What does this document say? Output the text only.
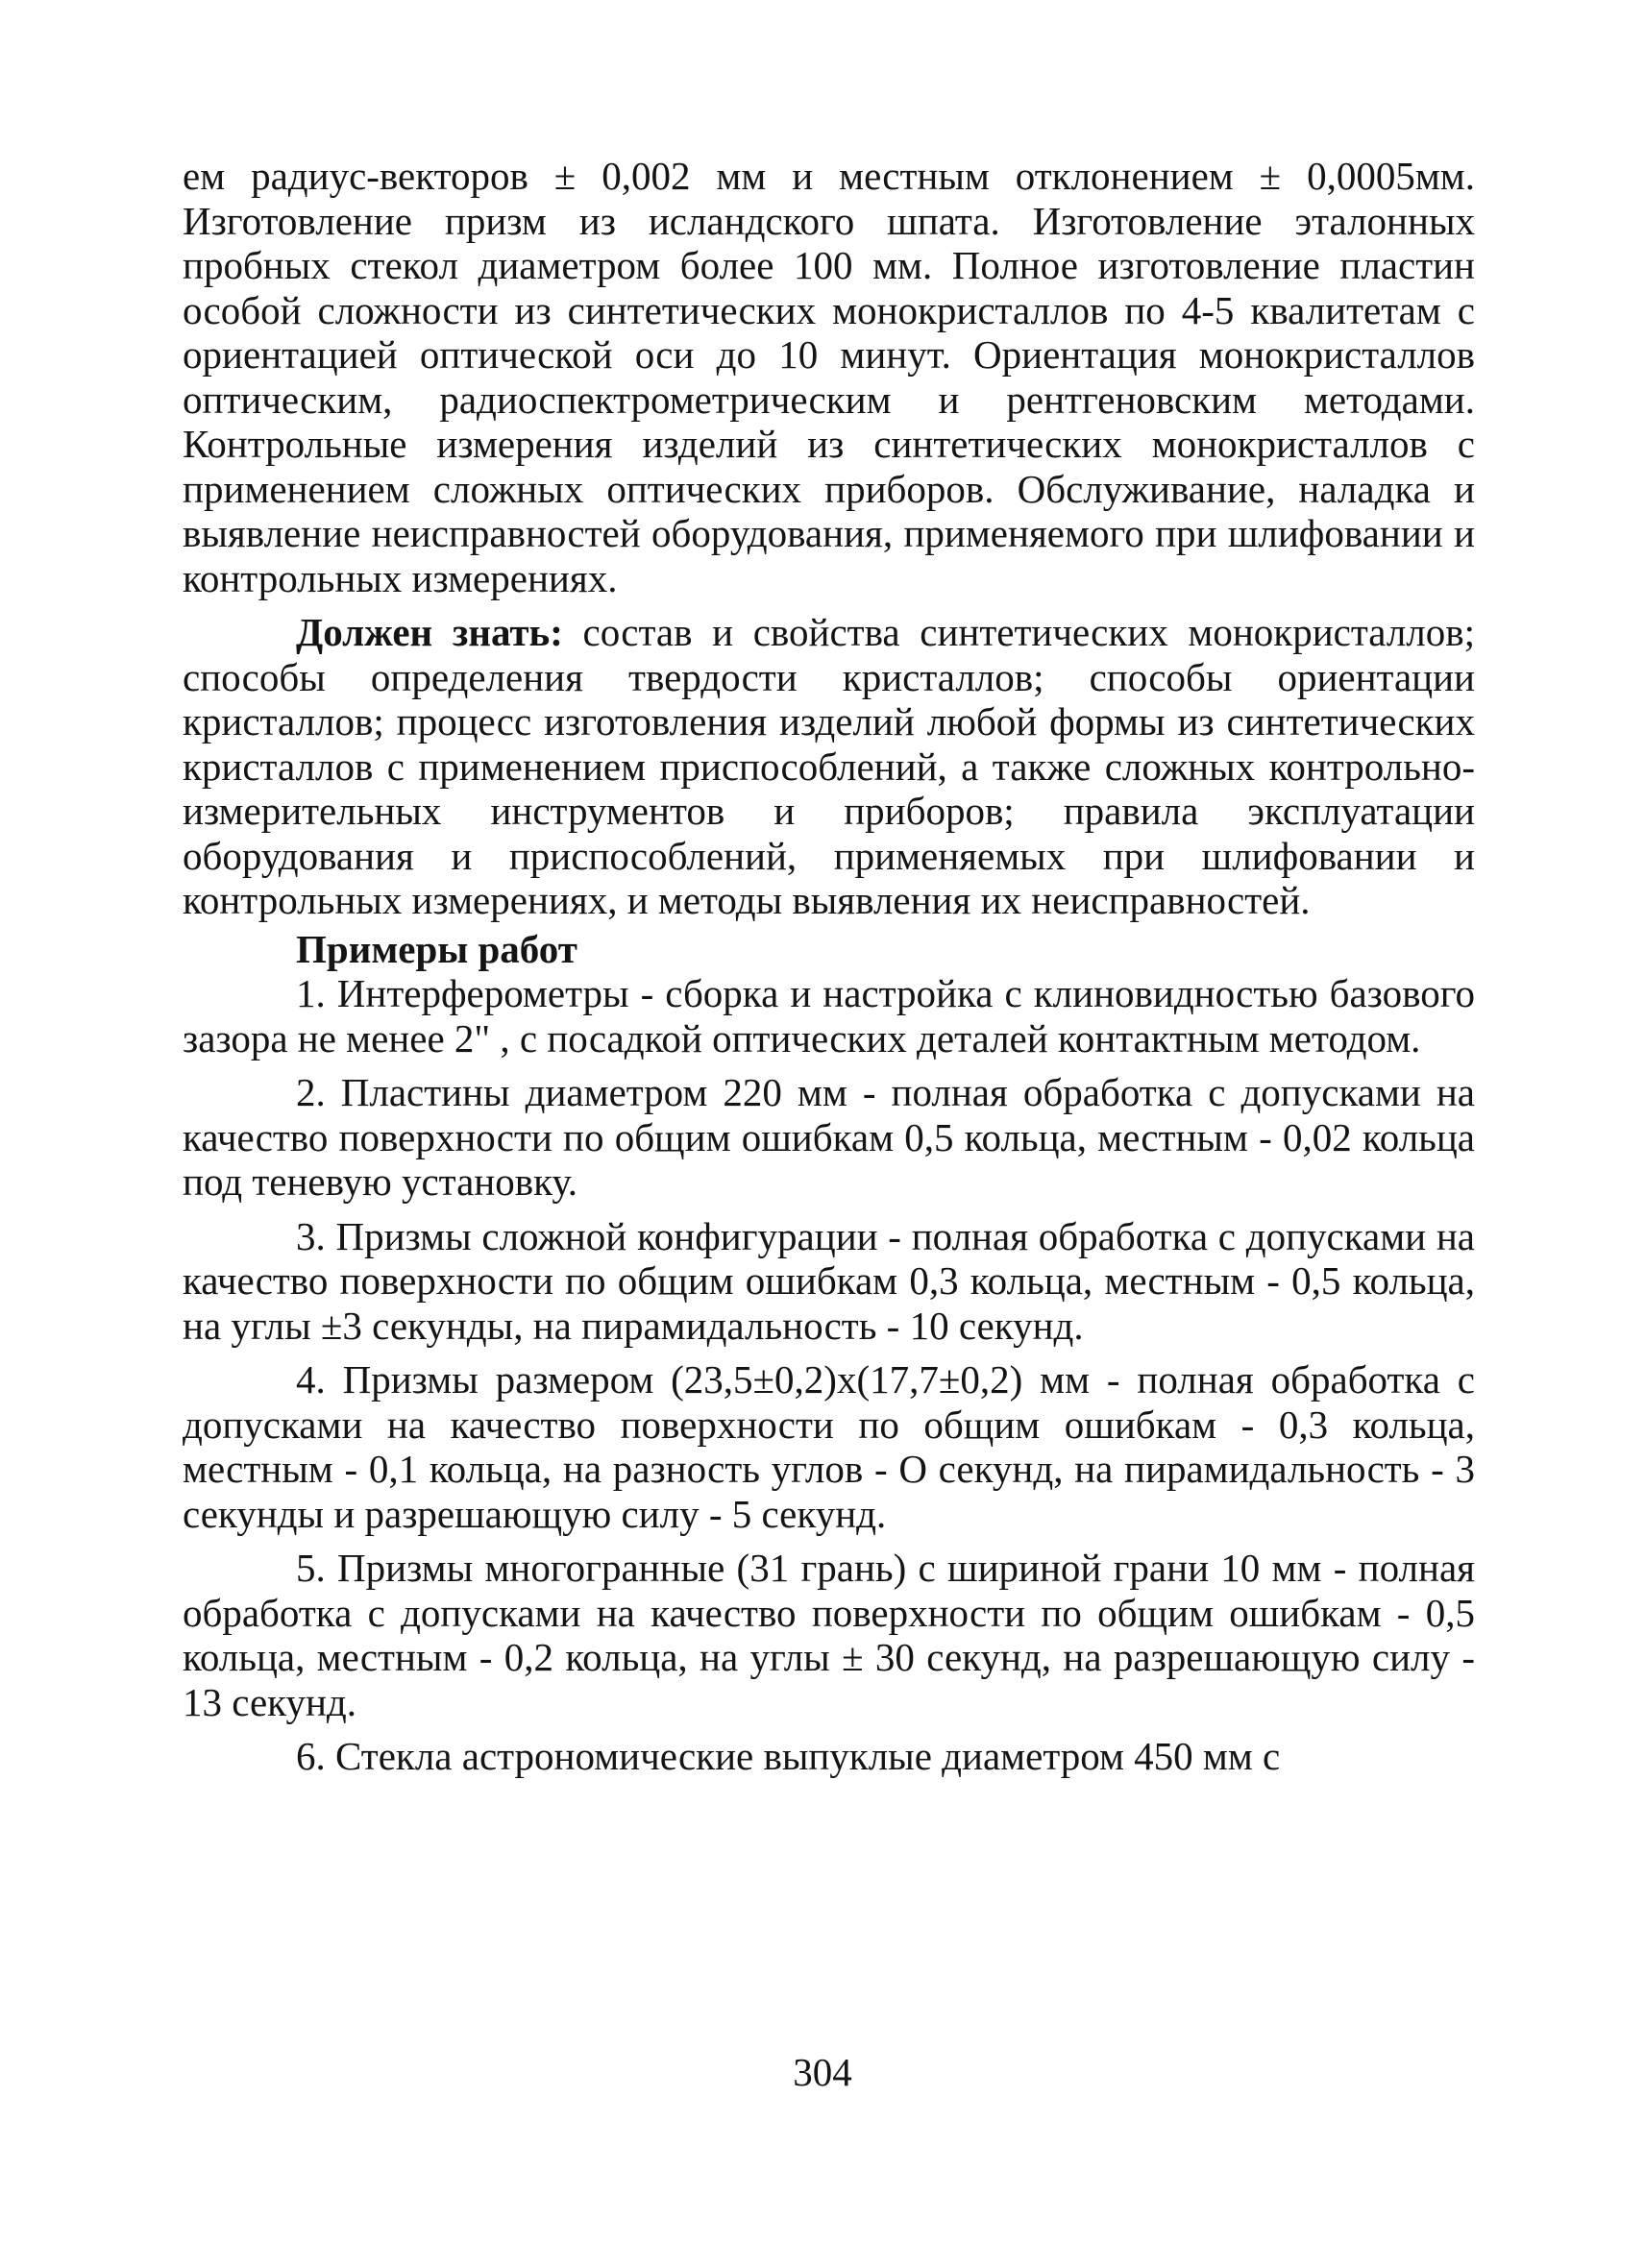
ем радиус-векторов ± 0,002 мм и местным отклонением ± 0,0005мм. Изготовление призм из исландского шпата. Изготовление эталонных пробных стекол диаметром более 100 мм. Полное изготовление пластин особой сложности из синтетических монокристаллов по 4-5 квалитетам с ориентацией оптической оси до 10 минут. Ориентация монокристаллов оптическим, радиоспектрометрическим и рентгеновским методами. Контрольные измерения изделий из синтетических монокристаллов с применением сложных оптических приборов. Обслуживание, наладка и выявление неисправностей оборудования, применяемого при шлифовании и контрольных измерениях.

Должен знать: состав и свойства синтетических монокристаллов; способы определения твердости кристаллов; способы ориентации кристаллов; процесс изготовления изделий любой формы из синтетических кристаллов с применением приспособлений, а также сложных контрольно-измерительных инструментов и приборов; правила эксплуатации оборудования и приспособлений, применяемых при шлифовании и контрольных измерениях, и методы выявления их неисправностей.

Примеры работ

1. Интерферометры - сборка и настройка с клиновидностью базового зазора не менее 2" , с посадкой оптических деталей контактным методом.

2. Пластины диаметром 220 мм - полная обработка с допусками на качество поверхности по общим ошибкам 0,5 кольца, местным - 0,02 кольца под теневую установку.

3. Призмы сложной конфигурации - полная обработка с допусками на качество поверхности по общим ошибкам 0,3 кольца, местным - 0,5 кольца, на углы ±3 секунды, на пирамидальность - 10 секунд.

4. Призмы размером (23,5±0,2)х(17,7±0,2) мм - полная обработка с допусками на качество поверхности по общим ошибкам - 0,3 кольца, местным - 0,1 кольца, на разность углов - О секунд, на пирамидальность - 3 секунды и разрешающую силу - 5 секунд.

5. Призмы многогранные (31 грань) с шириной грани 10 мм - полная обработка с допусками на качество поверхности по общим ошибкам - 0,5 кольца, местным - 0,2 кольца, на углы ± 30 секунд, на разрешающую силу - 13 секунд.

6. Стекла астрономические выпуклые диаметром 450 мм с

304
